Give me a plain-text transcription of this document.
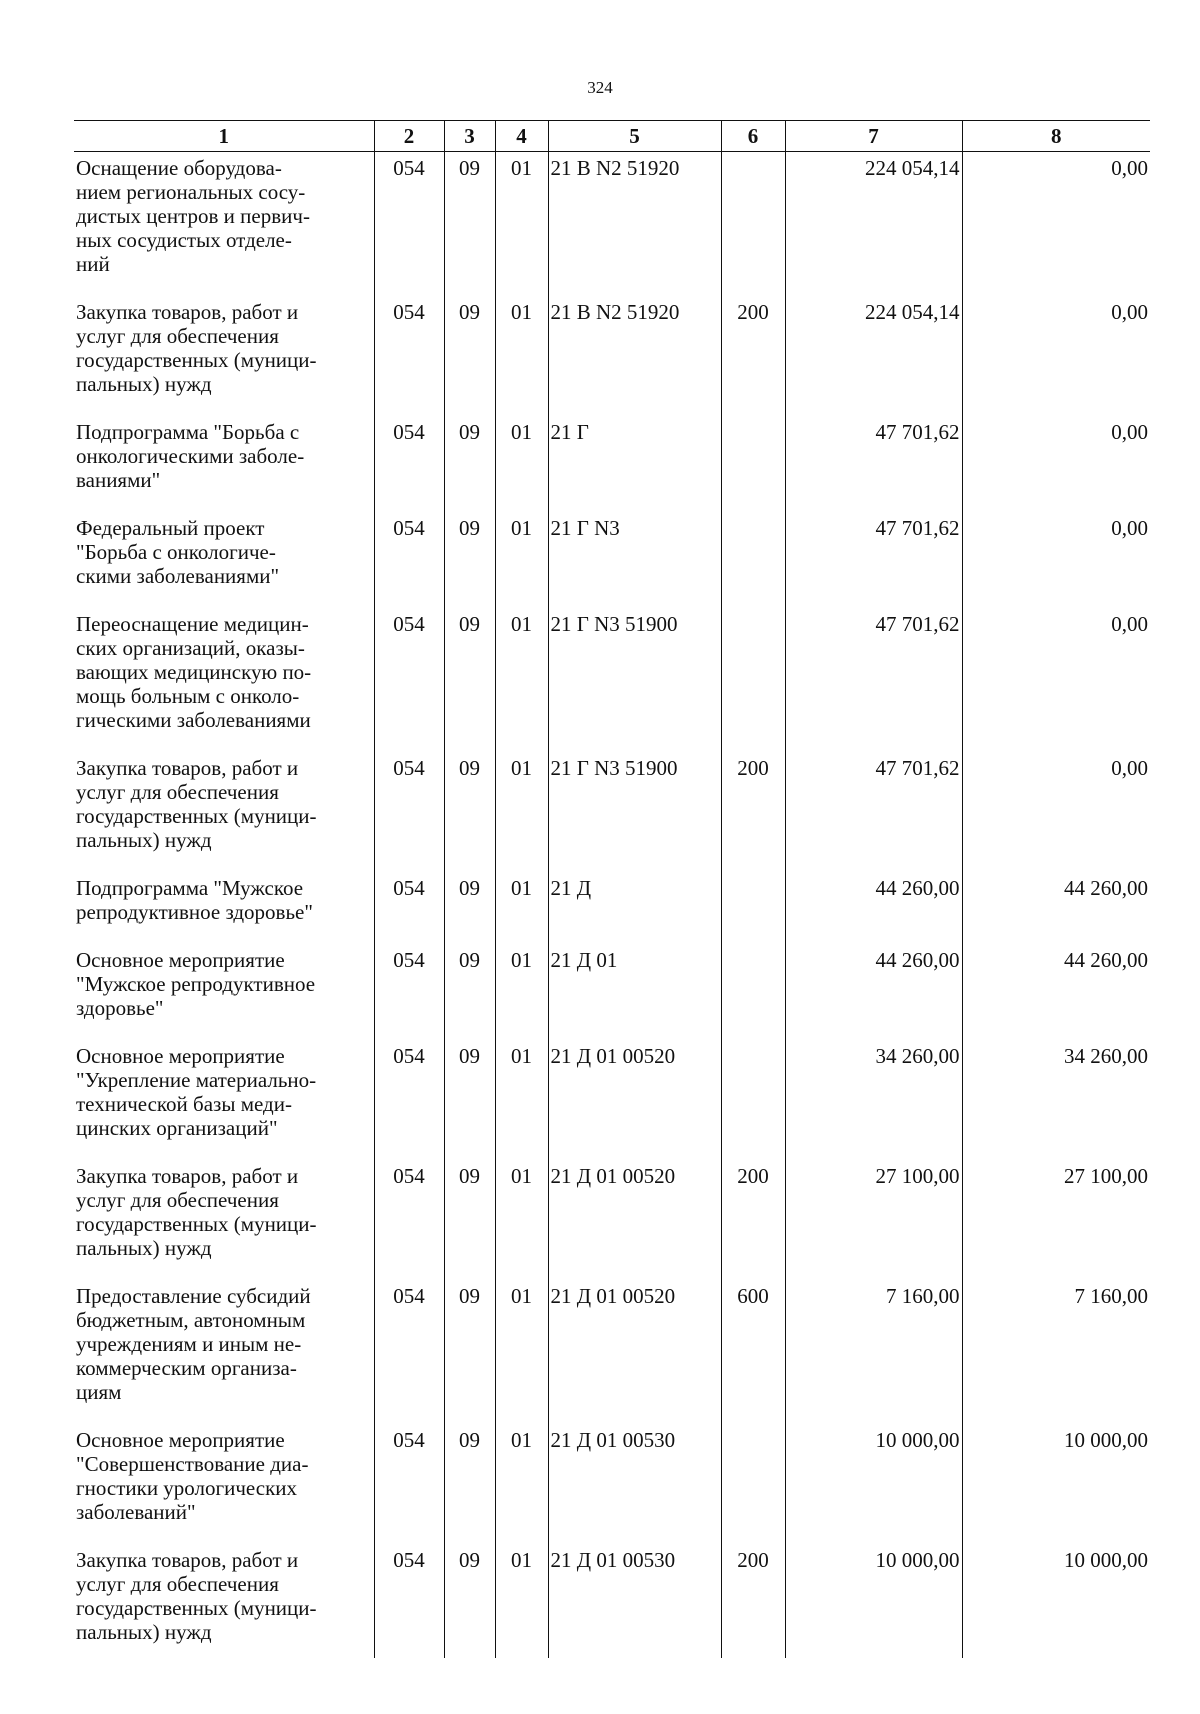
324
1	2	3	4	5	6	7	8
Оснащение оборудова-
нием региональных сосу-
дистых центров и первич-
ных сосудистых отделе-
ний	054	09	01	21 В N2 51920		224 054,14	0,00
Закупка товаров, работ и
услуг для обеспечения
государственных (муници-
пальных) нужд	054	09	01	21 В N2 51920	200	224 054,14	0,00
Подпрограмма "Борьба с
онкологическими заболе-
ваниями"	054	09	01	21 Г		47 701,62	0,00
Федеральный проект
"Борьба с онкологиче-
скими заболеваниями"	054	09	01	21 Г N3		47 701,62	0,00
Переоснащение медицин-
ских организаций, оказы-
вающих медицинскую по-
мощь больным с онколо-
гическими заболеваниями	054	09	01	21 Г N3 51900		47 701,62	0,00
Закупка товаров, работ и
услуг для обеспечения
государственных (муници-
пальных) нужд	054	09	01	21 Г N3 51900	200	47 701,62	0,00
Подпрограмма "Мужское
репродуктивное здоровье"	054	09	01	21 Д		44 260,00	44 260,00
Основное мероприятие
"Мужское репродуктивное
здоровье"	054	09	01	21 Д 01		44 260,00	44 260,00
Основное мероприятие
"Укрепление материально-
технической базы меди-
цинских организаций"	054	09	01	21 Д 01 00520		34 260,00	34 260,00
Закупка товаров, работ и
услуг для обеспечения
государственных (муници-
пальных) нужд	054	09	01	21 Д 01 00520	200	27 100,00	27 100,00
Предоставление субсидий
бюджетным, автономным
учреждениям и иным не-
коммерческим организа-
циям	054	09	01	21 Д 01 00520	600	7 160,00	7 160,00
Основное мероприятие
"Совершенствование диа-
гностики урологических
заболеваний"	054	09	01	21 Д 01 00530		10 000,00	10 000,00
Закупка товаров, работ и
услуг для обеспечения
государственных (муници-
пальных) нужд	054	09	01	21 Д 01 00530	200	10 000,00	10 000,00
